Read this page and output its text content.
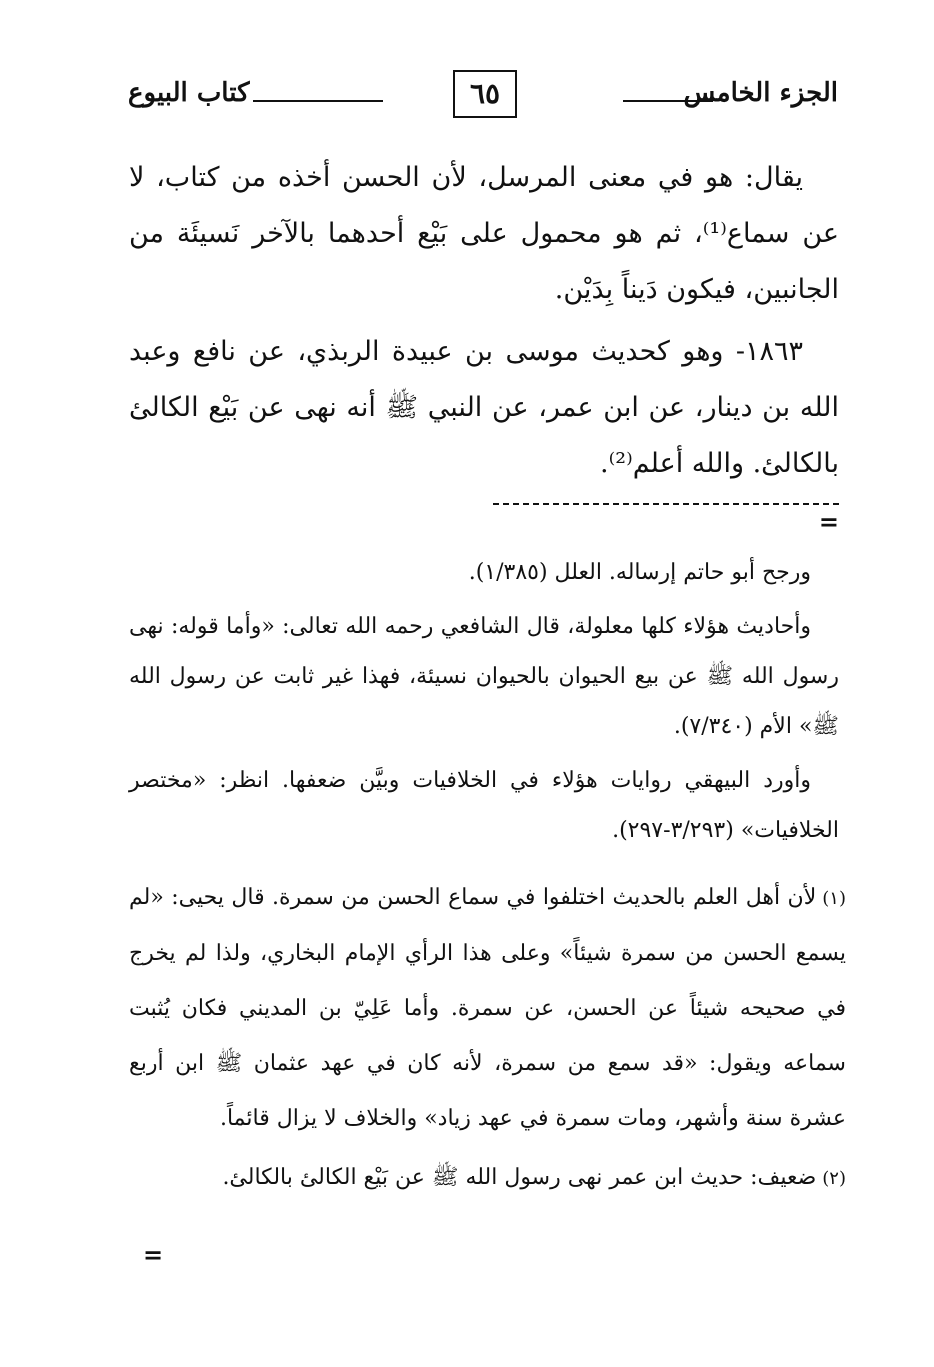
الجزء الخامس
٦٥
كتاب البيوع

يقال: هو في معنى المرسل، لأن الحسن أخذه من كتاب، لا عن سماع⁽¹⁾، ثم هو محمول على بَيْع أحدهما بالآخر نَسيئَة من الجانبين، فيكون دَيناً بِدَيْن.

١٨٦٣- وهو كحديث موسى بن عبيدة الربذي، عن نافع وعبد الله بن دينار، عن ابن عمر، عن النبي ﷺ أنه نهى عن بَيْع الكالئ بالكالئ. والله أعلم⁽²⁾.

=

ورجح أبو حاتم إرساله. العلل (١/٣٨٥).

وأحاديث هؤلاء كلها معلولة، قال الشافعي رحمه الله تعالى: «وأما قوله: نهى رسول الله ﷺ عن بيع الحيوان بالحيوان نسيئة، فهذا غير ثابت عن رسول الله ﷺ» الأم (٧/٣٤٠).

وأورد البيهقي روايات هؤلاء في الخلافيات وبيَّن ضعفها. انظر: «مختصر الخلافيات» (٣/٢٩٣-٢٩٧).

(١)لأن أهل العلم بالحديث اختلفوا في سماع الحسن من سمرة. قال يحيى: «لم يسمع الحسن من سمرة شيئاً» وعلى هذا الرأي الإمام البخاري، ولذا لم يخرج في صحيحه شيئاً عن الحسن، عن سمرة. وأما عَلِيّ بن المديني فكان يُثبت سماعه ويقول: «قد سمع من سمرة، لأنه كان في عهد عثمان ﷺ ابن أربع عشرة سنة وأشهر، ومات سمرة في عهد زياد» والخلاف لا يزال قائماً.

(٢)ضعيف: حديث ابن عمر نهى رسول الله ﷺ عن بَيْع الكالئ بالكالئ.

=
